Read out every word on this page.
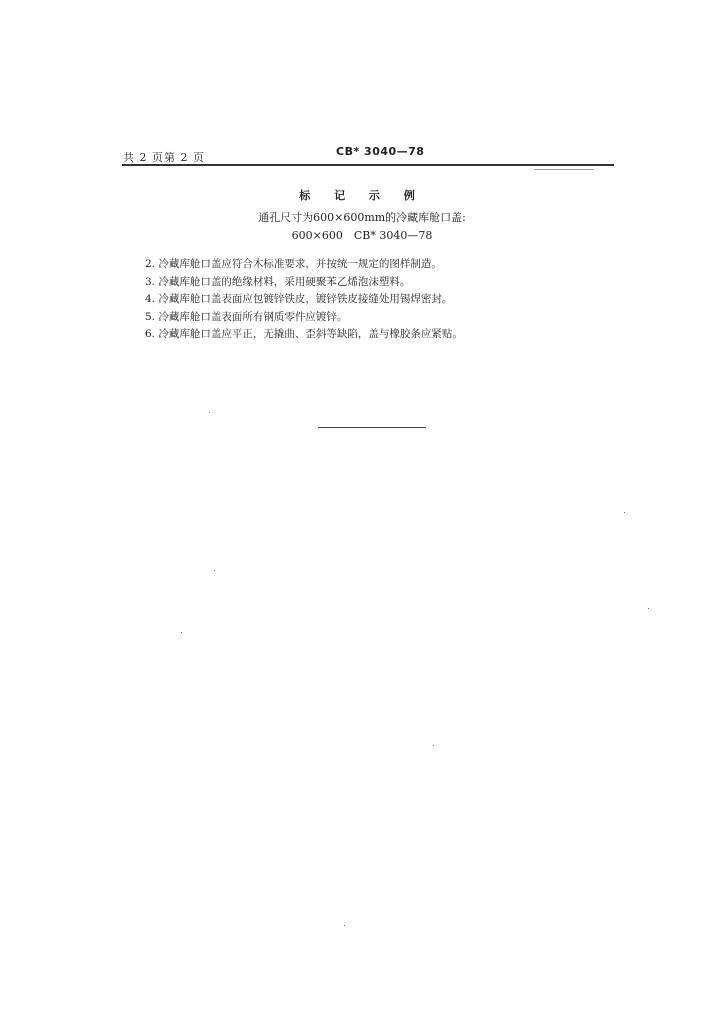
共 2 页第 2 页	CB* 3040—78
标 记 示 例
通孔尺寸为600×600mm的冷藏库舱口盖:
600×600　CB* 3040—78
2. 冷藏库舱口盖应符合木标准要求，并按统一规定的图样制造。
3. 冷藏库舱口盖的绝缘材料，采用硬聚苯乙烯泡沫塑料。
4. 冷藏库舱口盖表面应包镀锌铁皮，镀锌铁皮接缝处用锡焊密封。
5. 冷藏库舱口盖表面所有钢质零件应镀锌。
6. 冷藏库舱口盖应平正，无撬曲、歪斜等缺陷，盖与橡胶条应紧贴。
